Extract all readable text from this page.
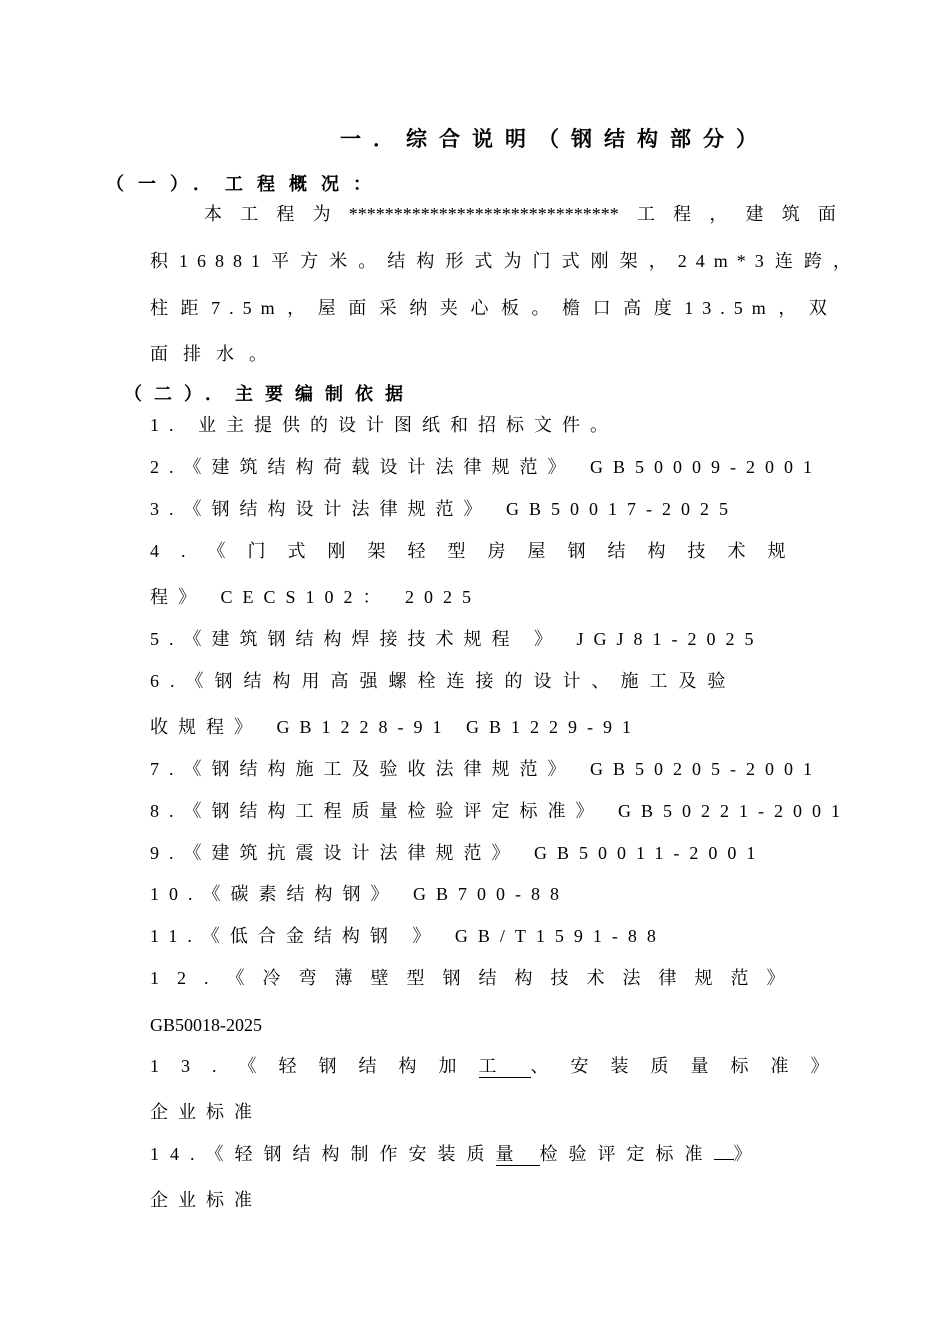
一．综合说明（钢结构部分）
（一）．工程概况：
本 工 程 为 ****************************** 工 程 ， 建 筑 面
积 16881 平 方 米 。 结 构 形 式 为 门 式 刚 架 ， 24m*3 连 跨 ，
柱 距 7.5m ， 屋 面 采 纳 夹 心 板 。 檐 口 高 度 13.5m ， 双
面排水。
（二）．主要编制依据
1. 业主提供的设计图纸和招标文件。
2.《建筑结构荷载设计法律规范》 GB50009-2001
3.《钢结构设计法律规范》 GB50017-2025
4.《门式刚架轻型房屋钢结构技术规
程》 CECS102： 2025
5.《建筑钢结构焊接技术规程 》 JGJ81-2025
6.《钢结构用高强螺栓连接的设计、施工及验
收规程》 GB1228-91 GB1229-91
7.《钢结构施工及验收法律规范》 GB50205-2001
8.《钢结构工程质量检验评定标准》 GB50221-2001
9.《建筑抗震设计法律规范》 GB50011-2001
10.《碳素结构钢》 GB700-88
11.《低合金结构钢 》 GB/T1591-88
12.《冷弯薄壁型钢结构技术法律规范》
GB50018-2025
13.《轻钢结构加工 、安装质量标准》
企业标准
14.《轻钢结构制作安装质量 检验评定标准 》
企业标准
